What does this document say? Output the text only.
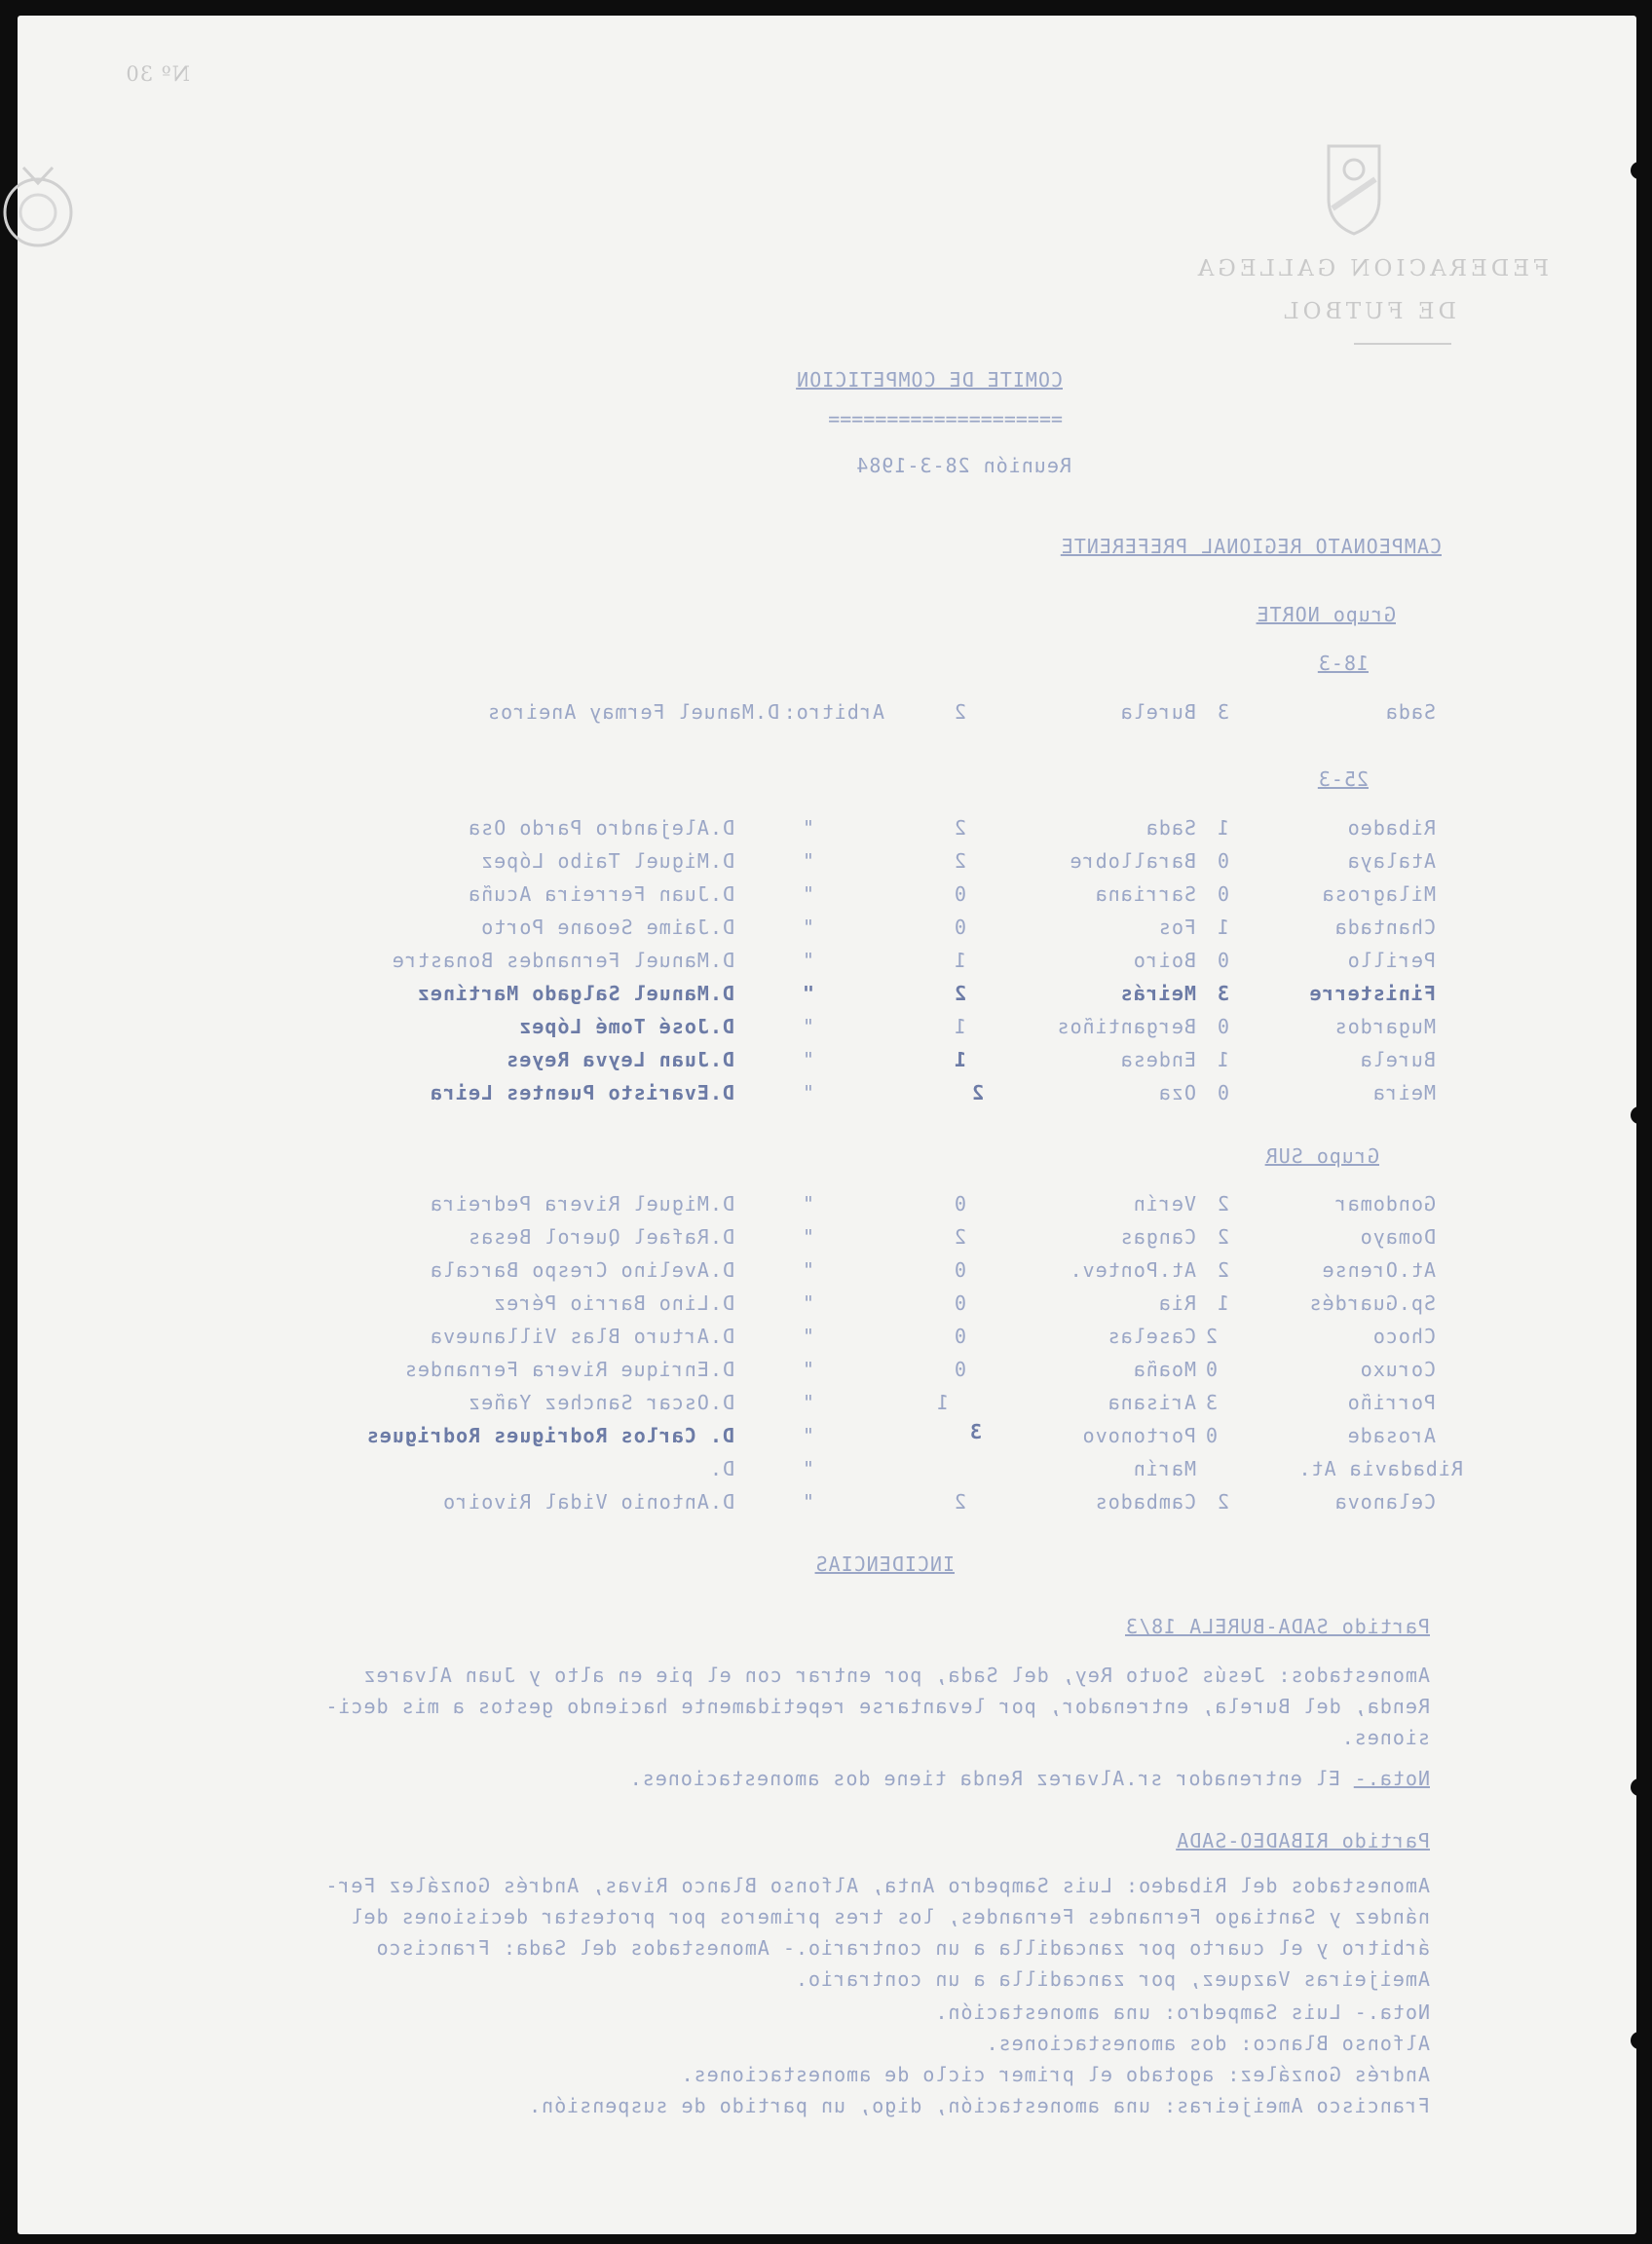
FEDERACION GALLEGA
DE FUTBOL
Nº 30

COMITE DE COMPETICION
====================
Reunión 28-3-1984
CAMPEONATO REGIONAL PREFERENTE
Grupo NORTE
18-3
Sada
3
Burela
2
Arbitro:
D.Manuel Fermay Aneiros
25-3
Ribadeo
1
Sada
2
"
D.Alejandro Pardo Osa
Atalaya
0
Barallobre
2
"
D.Miguel Taibo López
Milagrosa
0
Sarriana
0
"
D.Juan Ferreira Acuña
Chantada
1
Fos
0
"
D.Jaime Seoane Porto
Perillo
0
Boiro
1
"
D.Manuel Fernandes Bonastre
Finisterre
3
Meirás
2
"
D.Manuel Salgado Martínez
Mugardos
0
Bergantiños
1
"
D.José Tomé López
Burela
1
Endesa
1
"
D.Juan Leyva Reyes
Meira
0
Oza
2
"
D.Evaristo Puentes Leira
Grupo SUR
Gondomar
2
Verín
0
"
D.Miguel Rivera Pedreira
Domayo
2
Cangas
2
"
D.Rafael Querol Besas
At.Orense
2
At.Pontev.
0
"
D.Avelino Crespo Barcala
Sp.Guardés
1
Ria
0
"
D.Lino Barrio Pérez
Choco
2
Caselas
0
"
D.Arturo Blas Villanueva
Coruxo
0
Moaña
0
"
D.Enrique Rivera Fernandes
Porriño
3
Arisana
1
"
D.Oscar Sanchez Yañez
Arosade
0
Portonovo
3
"
D. Carlos Rodrigues Rodrigues
Ribadavia At.
Marín
"
D.
Celanova
2
Cambados
2
"
D.Antonio Vidal Rivoiro
INCIDENCIAS
Partido SADA-BURELA 18/3
Amonestados: Jesús Souto Rey, del Sada, por entrar con el pie en alto y Juan Alvarez
Renda, del Burela, entrenador, por levantarse repetidamente haciendo gestos a mis deci-
siones.
Nota.-
El entrenador sr.Alvarez Renda tiene dos amonestaciones.
Partido RIBADEO-SADA
Amonestados del Ribadeo: Luis Sampedro Anta, Alfonso Blanco Rivas, Andrés González Fer-
nández y Santiago Fernandes Fernandes, los tres primeros por protestar decisiones del
árbitro y el cuarto por zancadilla a un contrario.- Amonestados del Sada: Francisco
Ameijeiras Vazquez, por zancadilla a un contrario.
Nota.- Luis Sampedro: una amonestación.
Alfonso Blanco: dos amonestaciones.
Andrés González: agotado el primer ciclo de amonestaciones.
Francisco Ameijeiras: una amonestación, digo, un partido de suspensión.
